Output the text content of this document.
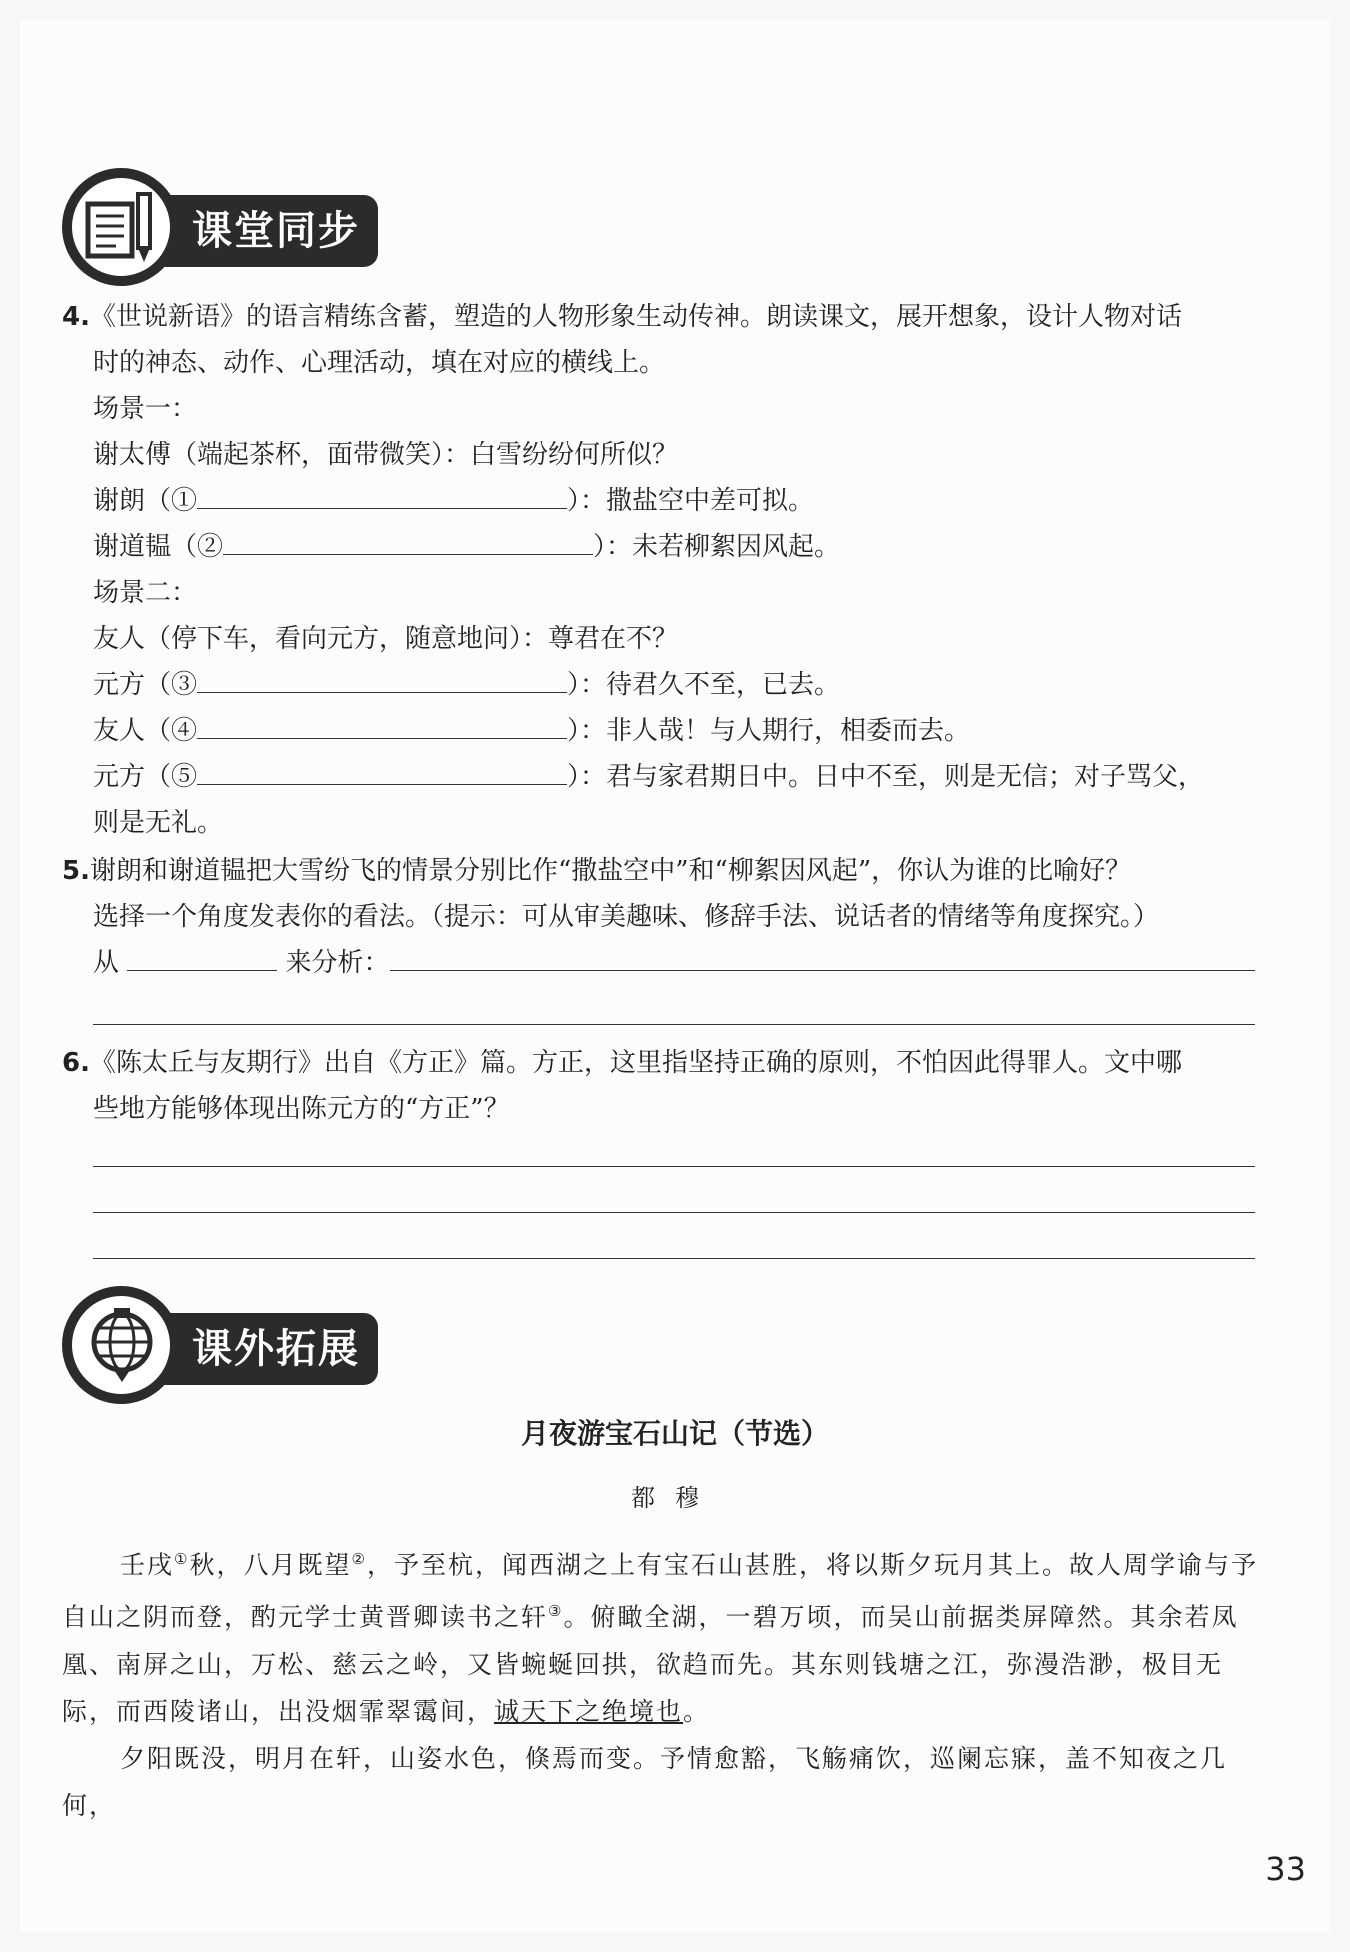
课堂同步
4.《世说新语》的语言精练含蓄，塑造的人物形象生动传神。朗读课文，展开想象，设计人物对话
时的神态、动作、心理活动，填在对应的横线上。
场景一：
谢太傅（端起茶杯，面带微笑）：白雪纷纷何所似？
谢朗（①	）：撒盐空中差可拟。
谢道韫（②	）：未若柳絮因风起。
场景二：
友人（停下车，看向元方，随意地问）：尊君在不？
元方（③	）：待君久不至，已去。
友人（④	）：非人哉！与人期行，相委而去。
元方（⑤	）：君与家君期日中。日中不至，则是无信；对子骂父，
则是无礼。
5.谢朗和谢道韫把大雪纷飞的情景分别比作“撒盐空中”和“柳絮因风起”，你认为谁的比喻好？
选择一个角度发表你的看法。（提示：可从审美趣味、修辞手法、说话者的情绪等角度探究。）
从	来分析：
6.《陈太丘与友期行》出自《方正》篇。方正，这里指坚持正确的原则，不怕因此得罪人。文中哪
些地方能够体现出陈元方的“方正”？
课外拓展
月夜游宝石山记（节选）
都穆

壬戌①秋，八月既望②，予至杭，闻西湖之上有宝石山甚胜，将以斯夕玩月其上。故人周学谕与予自山之阴而登，酌元学士黄晋卿读书之轩③。俯瞰全湖，一碧万顷，而吴山前据类屏障然。其余若凤凰、南屏之山，万松、慈云之岭，又皆蜿蜒回拱，欲趋而先。其东则钱塘之江，弥漫浩渺，极目无际，而西陵诸山，出没烟霏翠霭间，诚天下之绝境也。

夕阳既没，明月在轩，山姿水色，倏焉而变。予情愈豁，飞觞痛饮，巡阑忘寐，盖不知夜之几何，

33
